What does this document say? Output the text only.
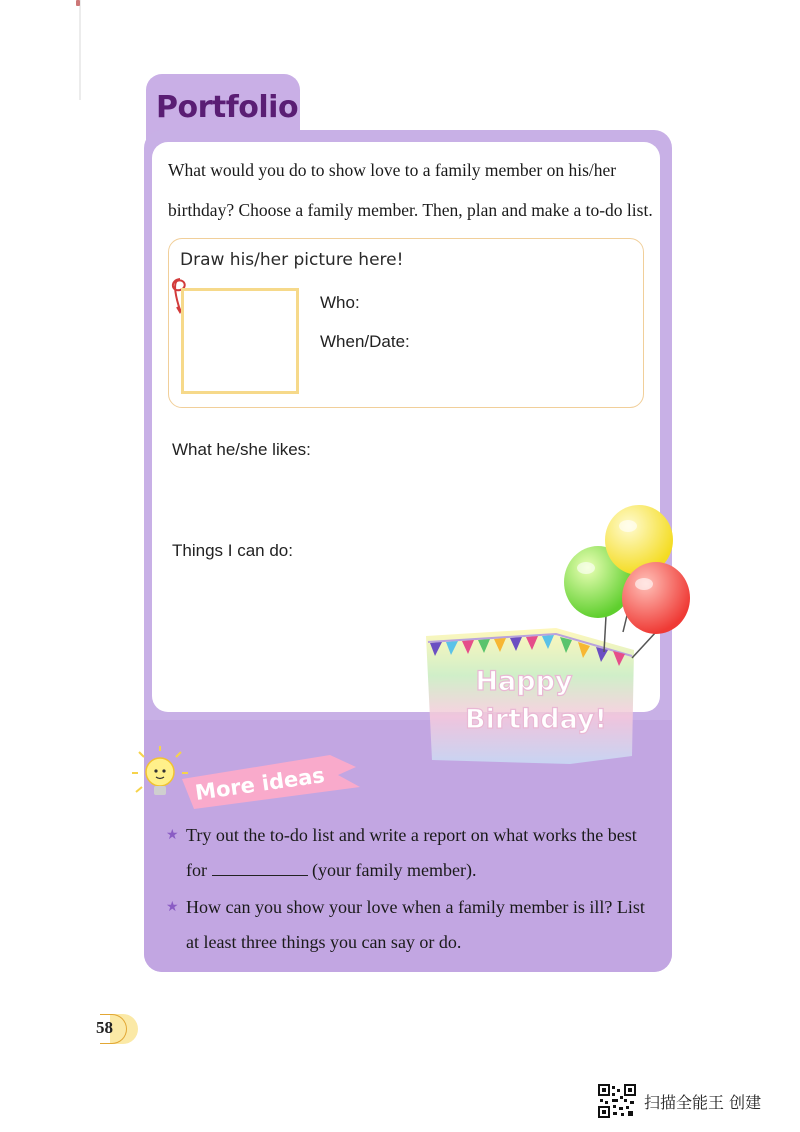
Portfolio

What would you do to show love to a family member on his/her birthday? Choose a family member. Then, plan and make a to-do list.

Draw his/her picture here!
Who:
When/Date:
What he/she likes:
Things I can do:
Happy
Birthday!
More ideas
★ Try out the to-do list and write a report on what works the best for	(your family member).
★ How can you show your love when a family member is ill? List at least three things you can say or do.
58
扫描全能王 创建
